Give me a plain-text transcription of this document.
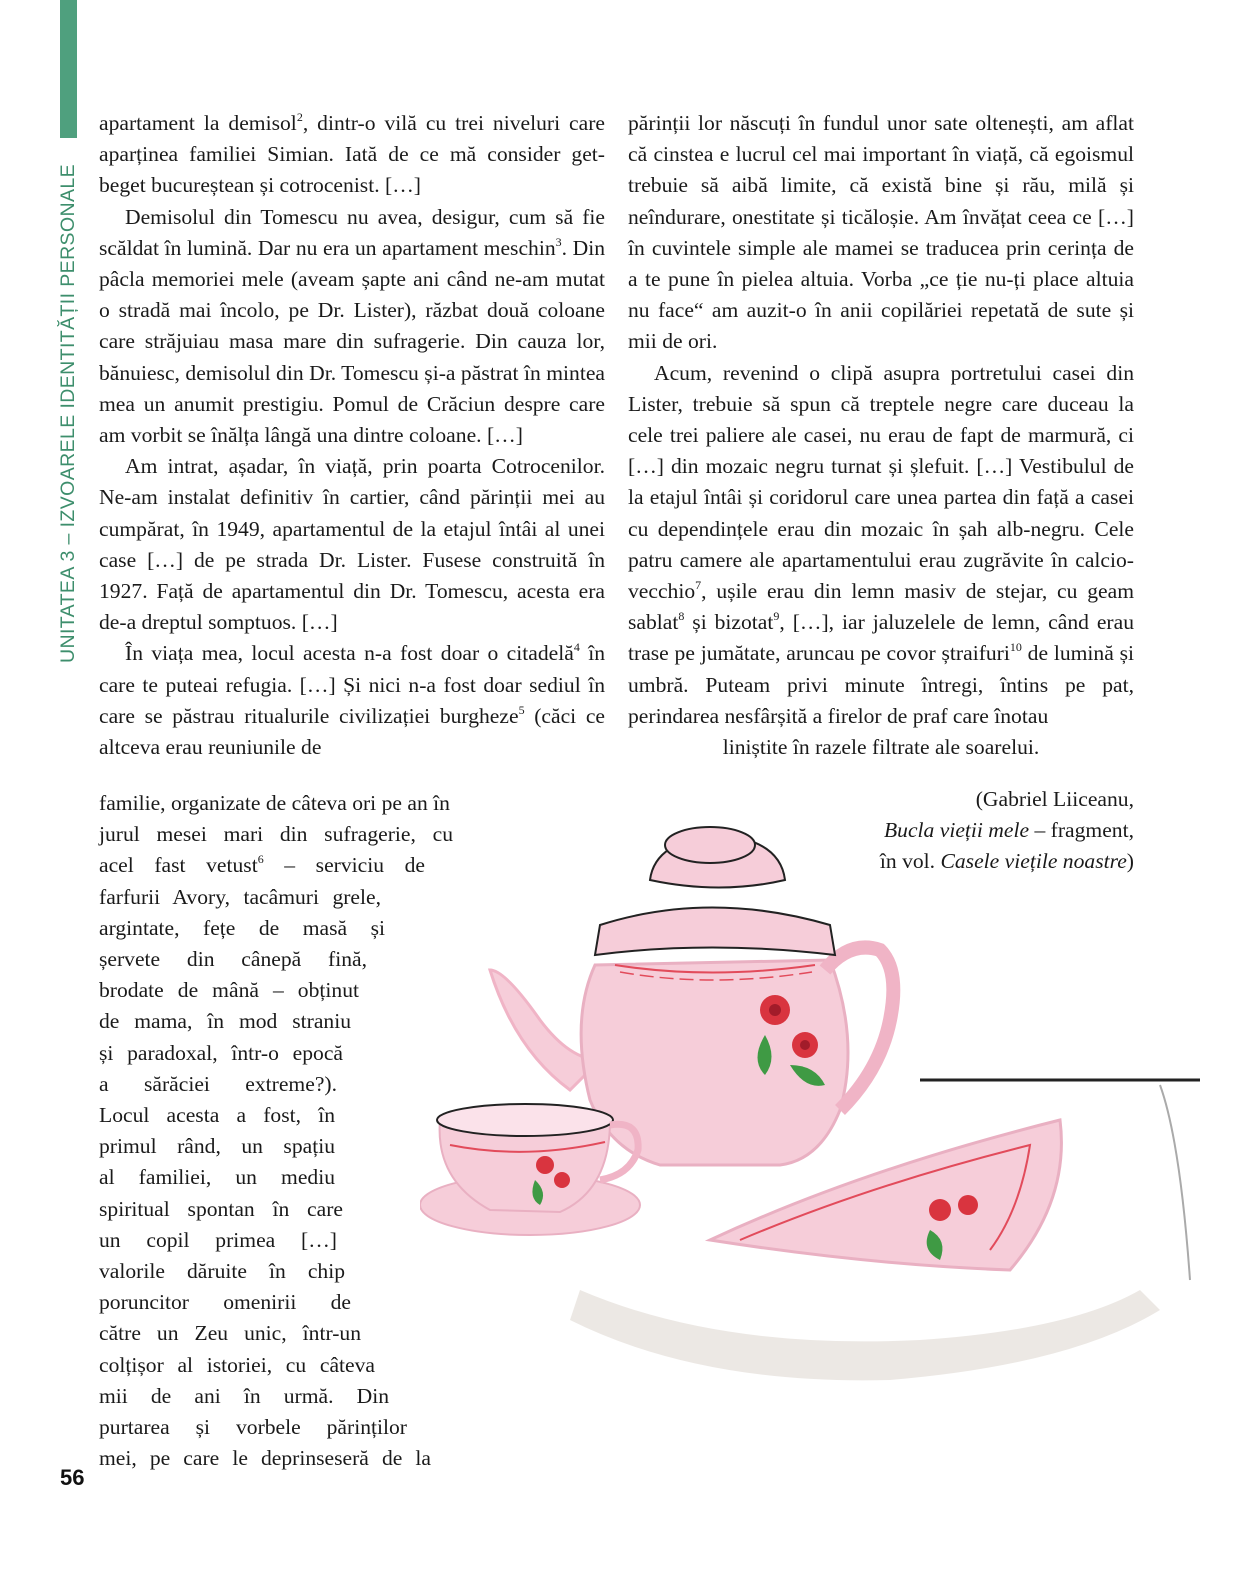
UNITATEA 3 – IZVOARELE IDENTITĂȚII PERSONALE

apartament la demisol$^2$, dintr-o vilă cu trei niveluri care aparținea familiei Simian. Iată de ce mă consider get-beget bucureștean și cotrocenist. […]

Demisolul din Tomescu nu avea, desigur, cum să fie scăldat în lumină. Dar nu era un apartament meschin$^3$. Din pâcla memoriei mele (aveam șapte ani când ne-am mutat o stradă mai încolo, pe Dr. Lister), răzbat două coloane care străjuiau masa mare din sufragerie. Din cauza lor, bănuiesc, demisolul din Dr. Tomescu și-a păstrat în mintea mea un anumit prestigiu. Pomul de Crăciun despre care am vorbit se înălța lângă una dintre coloane. […]

Am intrat, așadar, în viață, prin poarta Cotrocenilor. Ne-am instalat definitiv în cartier, când părinții mei au cumpărat, în 1949, apartamentul de la etajul întâi al unei case […] de pe strada Dr. Lister. Fusese construită în 1927. Față de apartamentul din Dr. Tomescu, acesta era de-a dreptul somptuos. […]

În viața mea, locul acesta n-a fost doar o citadelă$^4$ în care te puteai refugia. […] Și nici n-a fost doar sediul în care se păstrau ritualurile civilizației burgheze$^5$ (căci ce altceva erau reuniunile de

familie, organizate de câteva ori pe an în
jurul mesei mari din sufragerie, cu
acel fast vetust$^6$ – serviciu de
farfurii Avory, tacâmuri grele,
argintate, fețe de masă și
șervete din cânepă fină,
brodate de mână – obținut
de mama, în mod straniu
și paradoxal, într-o epocă
a sărăciei extreme?).
Locul acesta a fost, în
primul rând, un spațiu
al familiei, un mediu
spiritual spontan în care
un copil primea […]
valorile dăruite în chip
poruncitor omenirii de
către un Zeu unic, într-un
colțișor al istoriei, cu câteva
mii de ani în urmă. Din
purtarea și vorbele părinților
mei, pe care le deprinseseră de la

părinții lor născuți în fundul unor sate oltenești, am aflat că cinstea e lucrul cel mai important în viață, că egoismul trebuie să aibă limite, că există bine și rău, milă și neîndurare, onestitate și ticăloșie. Am învățat ceea ce […] în cuvintele simple ale mamei se traducea prin cerința de a te pune în pielea altuia. Vorba „ce ție nu-ți place altuia nu face“ am auzit-o în anii copilăriei repetată de sute și mii de ori.

Acum, revenind o clipă asupra portretului casei din Lister, trebuie să spun că treptele negre care duceau la cele trei paliere ale casei, nu erau de fapt de marmură, ci […] din mozaic negru turnat și șlefuit. […] Vestibulul de la etajul întâi și coridorul care unea partea din față a casei cu dependințele erau din mozaic în șah alb-negru. Cele patru camere ale apartamentului erau zugrăvite în calcio-vecchio$^7$, ușile erau din lemn masiv de stejar, cu geam sablat$^8$ și bizotat$^9$, […], iar jaluzelele de lemn, când erau trase pe jumătate, aruncau pe covor ștraifuri$^{10}$ de lumină și umbră. Puteam privi minute întregi, întins pe pat, perindarea nesfârșită a firelor de praf care înotau

liniștite în razele filtrate ale soarelui.

(Gabriel Liiceanu,
Bucla vieții mele – fragment,
în vol. Casele viețile noastre)
56
